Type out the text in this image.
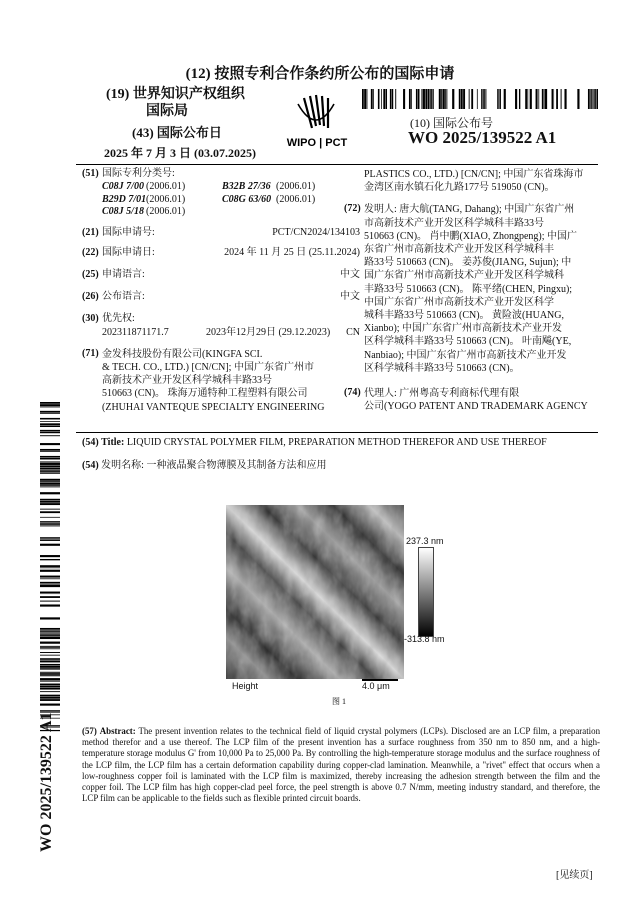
(12) 按照专利合作条约所公布的国际申请
(19) 世界知识产权组织
国际局
(43) 国际公布日
2025 年 7 月 3 日 (03.07.2025)
WIPO | PCT
(10) 国际公布号
WO 2025/139522 A1
(51) 国际专利分类号:
C08J 7/00 (2006.01)	B32B 27/36 (2006.01)
B29D 7/01 (2006.01)	C08G 63/60 (2006.01)
C08J 5/18 (2006.01)
(21) 国际申请号:	PCT/CN2024/134103
(22) 国际申请日:	2024 年 11 月 25 日 (25.11.2024)
(25) 申请语言:	中文
(26) 公布语言:	中文
(30) 优先权:
202311871171.7	2023年12月29日 (29.12.2023) CN
(71) 金发科技股份有限公司(KINGFA SCI.
& TECH. CO., LTD.) [CN/CN]; 中国广东省广州市
高新技术产业开发区科学城科丰路33号
510663 (CN)。 珠海万通特种工程塑料有限公司
(ZHUHAI VANTEQUE SPECIALTY ENGINEERING
PLASTICS CO., LTD.) [CN/CN]; 中国广东省珠海市
金湾区南水镇石化九路177号 519050 (CN)。
(72) 发明人: 唐大航(TANG, Dahang); 中国广东省广州
市高新技术产业开发区科学城科丰路33号
510663 (CN)。 肖中鹏(XIAO, Zhongpeng); 中国广
东省广州市高新技术产业开发区科学城科丰
路33号 510663 (CN)。 姜苏俊(JIANG, Sujun); 中
国广东省广州市高新技术产业开发区科学城科
丰路33号 510663 (CN)。 陈平绪(CHEN, Pingxu);
中国广东省广州市高新技术产业开发区科学
城科丰路33号 510663 (CN)。 黄险波(HUANG,
Xianbo); 中国广东省广州市高新技术产业开发
区科学城科丰路33号 510663 (CN)。 叶南飚(YE,
Nanbiao); 中国广东省广州市高新技术产业开发
区科学城科丰路33号 510663 (CN)。
(74) 代理人: 广州粤高专利商标代理有限
公司(YOGO PATENT AND TRADEMARK AGENCY
(54) Title: LIQUID CRYSTAL POLYMER FILM, PREPARATION METHOD THEREFOR AND USE THEREOF
(54) 发明名称: 一种液晶聚合物薄膜及其制备方法和应用
237.3 nm
-313.8 nm
Height	4.0 μm
图 1
(57) Abstract: The present invention relates to the technical field of liquid crystal polymers (LCPs). Disclosed are an LCP film, a preparation method therefor and a use thereof. The LCP film of the present invention has a surface roughness from 350 nm to 850 nm, and a high-temperature storage modulus G' from 10,000 Pa to 25,000 Pa. By controlling the high-temperature storage modulus and the surface roughness of the LCP film, the LCP film has a certain deformation capability during copper-clad lamination. Meanwhile, a "rivet" effect that occurs when a low-roughness copper foil is laminated with the LCP film is maximized, thereby increasing the adhesion strength between the film and the copper foil. The LCP film has high copper-clad peel force, the peel strength is above 0.7 N/mm, meeting industry standard, and therefore, the LCP film can be applicable to the fields such as flexible printed circuit boards.
WO 2025/139522 A1
[见续页]
